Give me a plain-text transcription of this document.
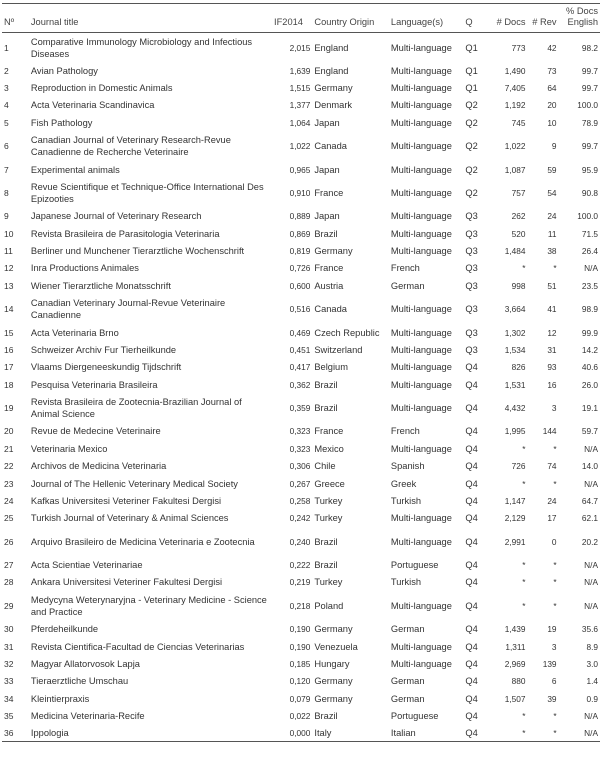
Nº	Journal title	IF2014	Country Origin	Language(s)	Q	# Docs	# Rev	% Docs
English
1	Comparative Immunology Microbiology and Infectious Diseases	2,015	England	Multi-language	Q1	773	42	98.2
2	Avian Pathology	1,639	England	Multi-language	Q1	1,490	73	99.7
3	Reproduction in Domestic Animals	1,515	Germany	Multi-language	Q1	7,405	64	99.7
4	Acta Veterinaria Scandinavica	1,377	Denmark	Multi-language	Q2	1,192	20	100.0
5	Fish Pathology	1,064	Japan	Multi-language	Q2	745	10	78.9
6	Canadian Journal of Veterinary Research-Revue Canadienne de Recherche Veterinaire	1,022	Canada	Multi-language	Q2	1,022	9	99.7
7	Experimental animals	0,965	Japan	Multi-language	Q2	1,087	59	95.9
8	Revue Scientifique et Technique-Office International Des Epizooties	0,910	France	Multi-language	Q2	757	54	90.8
9	Japanese Journal of Veterinary Research	0,889	Japan	Multi-language	Q3	262	24	100.0
10	Revista Brasileira de Parasitologia Veterinaria	0,869	Brazil	Multi-language	Q3	520	11	71.5
11	Berliner und Munchener Tierarztliche Wochenschrift	0,819	Germany	Multi-language	Q3	1,484	38	26.4
12	Inra Productions Animales	0,726	France	French	Q3	*	*	N/A
13	Wiener Tierarztliche Monatsschrift	0,600	Austria	German	Q3	998	51	23.5
14	Canadian Veterinary Journal-Revue Veterinaire Canadienne	0,516	Canada	Multi-language	Q3	3,664	41	98.9
15	Acta Veterinaria Brno	0,469	Czech Republic	Multi-language	Q3	1,302	12	99.9
16	Schweizer Archiv Fur Tierheilkunde	0,451	Switzerland	Multi-language	Q3	1,534	31	14.2
17	Vlaams Diergeneeskundig Tijdschrift	0,417	Belgium	Multi-language	Q4	826	93	40.6
18	Pesquisa Veterinaria Brasileira	0,362	Brazil	Multi-language	Q4	1,531	16	26.0
19	Revista Brasileira de Zootecnia-Brazilian Journal of Animal Science	0,359	Brazil	Multi-language	Q4	4,432	3	19.1
20	Revue de Medecine Veterinaire	0,323	France	French	Q4	1,995	144	59.7
21	Veterinaria Mexico	0,323	Mexico	Multi-language	Q4	*	*	N/A
22	Archivos de Medicina Veterinaria	0,306	Chile	Spanish	Q4	726	74	14.0
23	Journal of The Hellenic Veterinary Medical Society	0,267	Greece	Greek	Q4	*	*	N/A
24	Kafkas Universitesi Veteriner Fakultesi Dergisi	0,258	Turkey	Turkish	Q4	1,147	24	64.7
25	Turkish Journal of Veterinary & Animal Sciences	0,242	Turkey	Multi-language	Q4	2,129	17	62.1
26	Arquivo Brasileiro de Medicina Veterinaria e Zootecnia	0,240	Brazil	Multi-language	Q4	2,991	0	20.2
27	Acta Scientiae Veterinariae	0,222	Brazil	Portuguese	Q4	*	*	N/A
28	Ankara Universitesi Veteriner Fakultesi Dergisi	0,219	Turkey	Turkish	Q4	*	*	N/A
29	Medycyna Weterynaryjna - Veterinary Medicine - Science and Practice	0,218	Poland	Multi-language	Q4	*	*	N/A
30	Pferdeheilkunde	0,190	Germany	German	Q4	1,439	19	35.6
31	Revista Cientifica-Facultad de Ciencias Veterinarias	0,190	Venezuela	Multi-language	Q4	1,311	3	8.9
32	Magyar Allatorvosok Lapja	0,185	Hungary	Multi-language	Q4	2,969	139	3.0
33	Tieraerztliche Umschau	0,120	Germany	German	Q4	880	6	1.4
34	Kleintierpraxis	0,079	Germany	German	Q4	1,507	39	0.9
35	Medicina Veterinaria-Recife	0,022	Brazil	Portuguese	Q4	*	*	N/A
36	Ippologia	0,000	Italy	Italian	Q4	*	*	N/A
